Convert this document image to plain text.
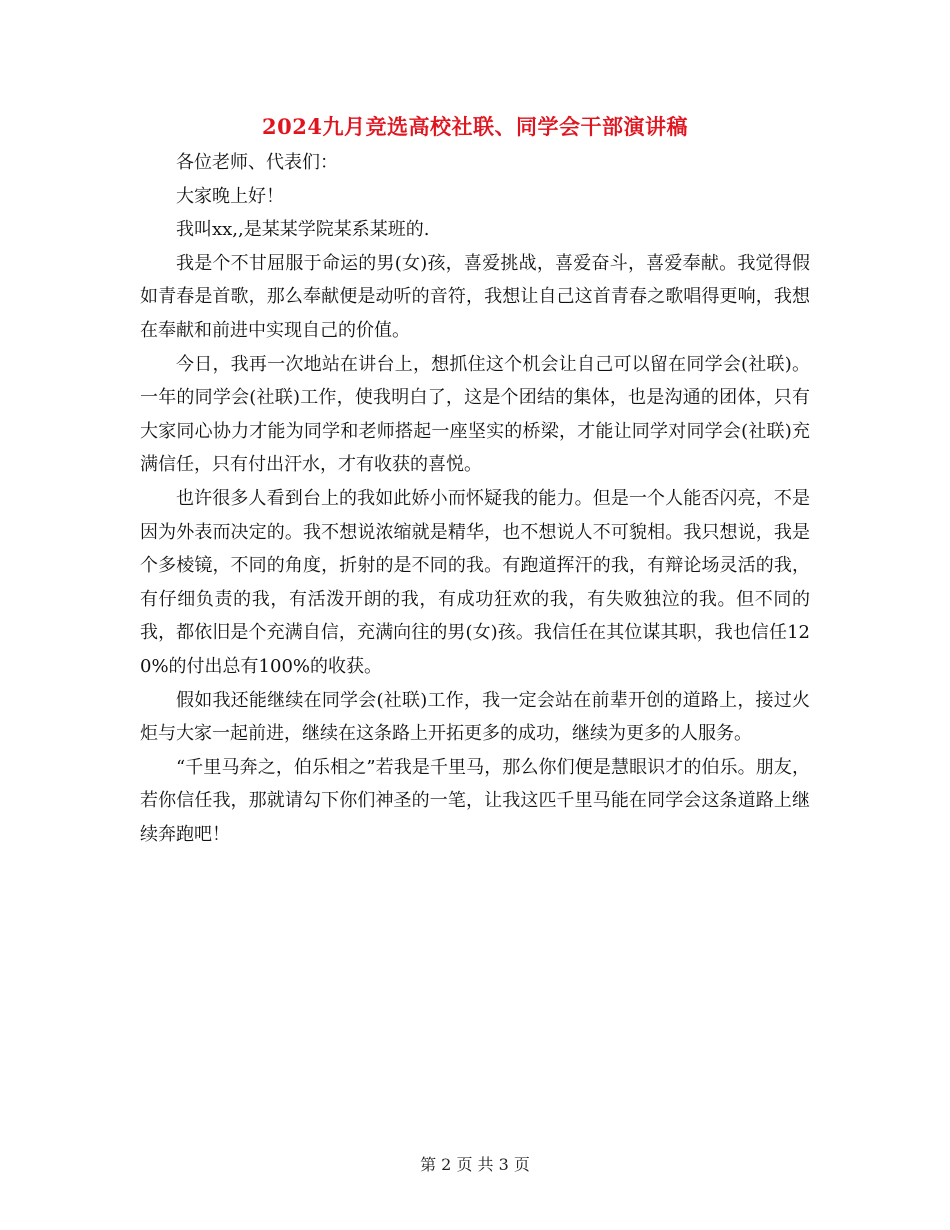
2024九月竞选高校社联、同学会干部演讲稿

各位老师、代表们：

大家晚上好！

我叫xx,,是某某学院某系某班的.

我是个不甘屈服于命运的男(女)孩，喜爱挑战，喜爱奋斗，喜爱奉献。我觉得假如青春是首歌，那么奉献便是动听的音符，我想让自己这首青春之歌唱得更响，我想在奉献和前进中实现自己的价值。

今日，我再一次地站在讲台上，想抓住这个机会让自己可以留在同学会(社联)。一年的同学会(社联)工作，使我明白了，这是个团结的集体，也是沟通的团体，只有大家同心协力才能为同学和老师搭起一座坚实的桥梁，才能让同学对同学会(社联)充满信任，只有付出汗水，才有收获的喜悦。

也许很多人看到台上的我如此娇小而怀疑我的能力。但是一个人能否闪亮，不是因为外表而决定的。我不想说浓缩就是精华，也不想说人不可貌相。我只想说，我是个多棱镜，不同的角度，折射的是不同的我。有跑道挥汗的我，有辩论场灵活的我，有仔细负责的我，有活泼开朗的我，有成功狂欢的我，有失败独泣的我。但不同的我，都依旧是个充满自信，充满向往的男(女)孩。我信任在其位谋其职，我也信任120%的付出总有100%的收获。

假如我还能继续在同学会(社联)工作，我一定会站在前辈开创的道路上，接过火炬与大家一起前进，继续在这条路上开拓更多的成功，继续为更多的人服务。

“千里马奔之，伯乐相之”若我是千里马，那么你们便是慧眼识才的伯乐。朋友，若你信任我，那就请勾下你们神圣的一笔，让我这匹千里马能在同学会这条道路上继续奔跑吧！

第 2 页 共 3 页
